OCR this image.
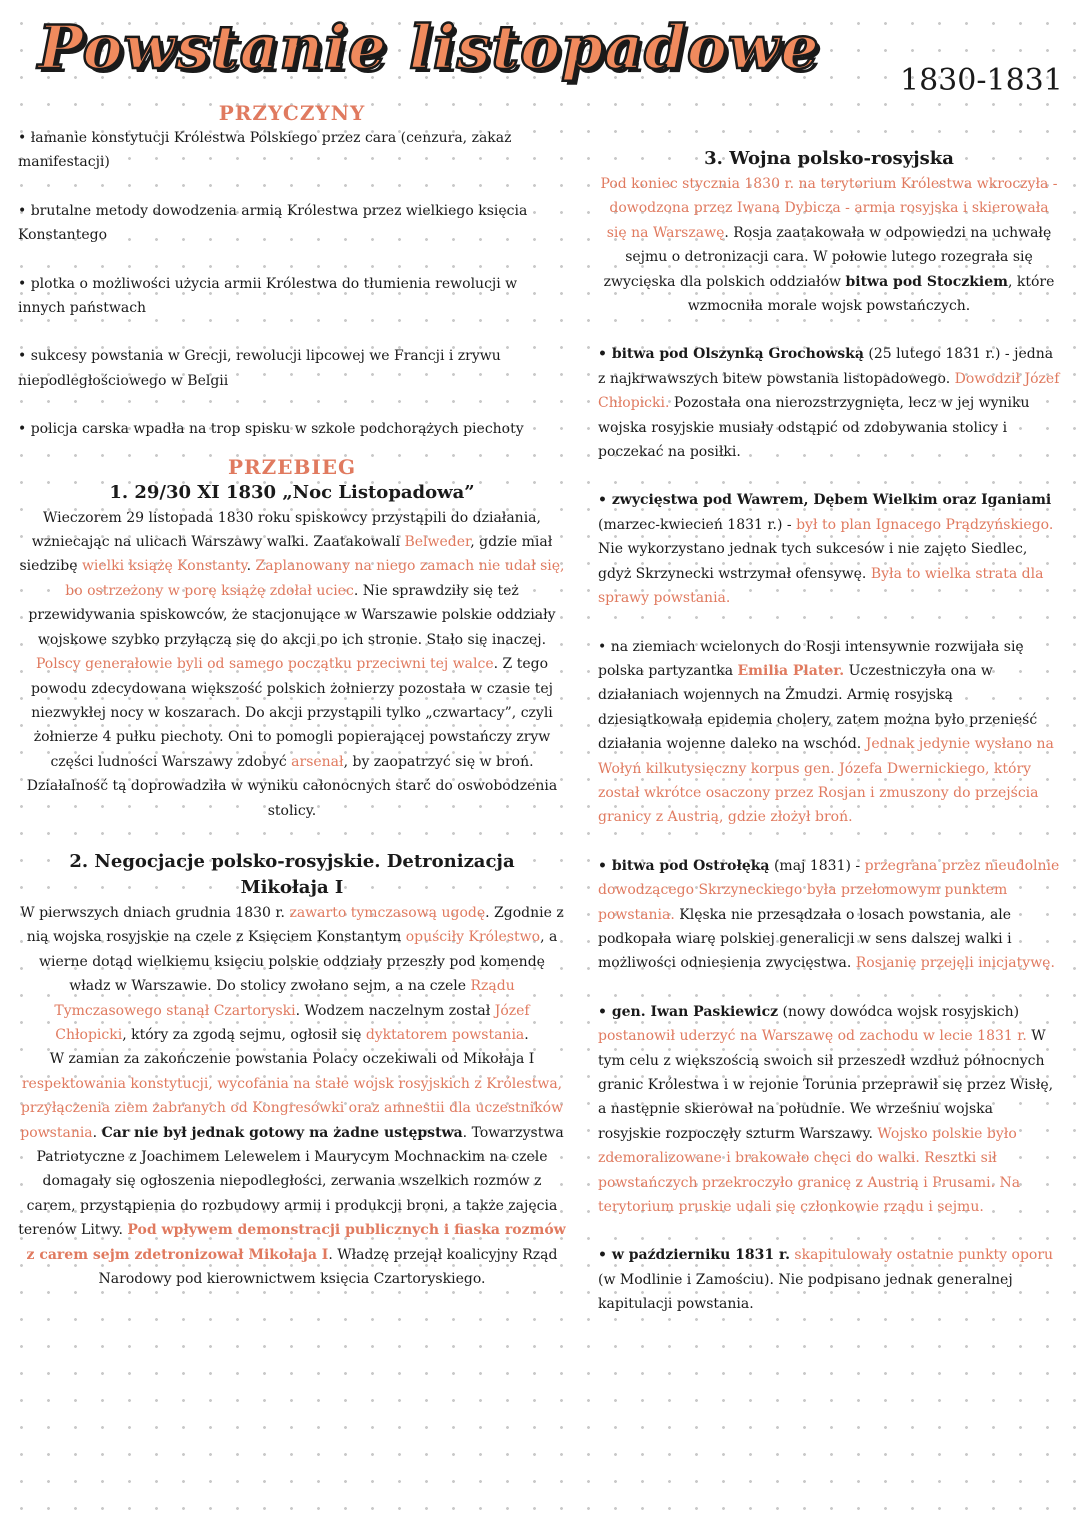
Powstanie listopadowe	1830-1831
PRZYCZYNY

• łamanie konstytucji Królestwa Polskiego przez cara (cenzura, zakaz manifestacji)

• brutalne metody dowodzenia armią Królestwa przez wielkiego księcia Konstantego

• plotka o możliwości użycia armii Królestwa do tłumienia rewolucji w innych państwach

• sukcesy powstania w Grecji, rewolucji lipcowej we Francji i zrywu niepodległościowego w Belgii

• policja carska wpadła na trop spisku w szkole podchorążych piechoty

PRZEBIEG
1. 29/30 XI 1830 „Noc Listopadowa”

Wieczorem 29 listopada 1830 roku spiskowcy przystąpili do działania, wzniecając na ulicach Warszawy walki. Zaatakowali Belweder, gdzie miał siedzibę wielki książę Konstanty. Zaplanowany na niego zamach nie udał się, bo ostrzeżony w porę książę zdołał uciec. Nie sprawdziły się też przewidywania spiskowców, że stacjonujące w Warszawie polskie oddziały wojskowe szybko przyłączą się do akcji po ich stronie. Stało się inaczej. Polscy generałowie byli od samego początku przeciwni tej walce. Z tego powodu zdecydowana większość polskich żołnierzy pozostała w czasie tej niezwykłej nocy w koszarach. Do akcji przystąpili tylko „czwartacy”, czyli żołnierze 4 pułku piechoty. Oni to pomogli popierającej powstańczy zryw części ludności Warszawy zdobyć arsenał, by zaopatrzyć się w broń. Działalność tą doprowadziła w wyniku całonocnych starć do oswobodzenia stolicy.

2. Negocjacje polsko-rosyjskie. Detronizacja Mikołaja I

W pierwszych dniach grudnia 1830 r. zawarto tymczasową ugodę. Zgodnie z nią wojska rosyjskie na czele z Księciem Konstantym opuściły Królestwo, a wierne dotąd wielkiemu księciu polskie oddziały przeszły pod komendę władz w Warszawie. Do stolicy zwołano sejm, a na czele Rządu Tymczasowego stanął Czartoryski. Wodzem naczelnym został Józef Chłopicki, który za zgodą sejmu, ogłosił się dyktatorem powstania.

W zamian za zakończenie powstania Polacy oczekiwali od Mikołaja I respektowania konstytucji, wycofania na stałe wojsk rosyjskich z Królestwa, przyłączenia ziem zabranych od Kongresówki oraz amnestii dla uczestników powstania. Car nie był jednak gotowy na żadne ustępstwa. Towarzystwa Patriotyczne z Joachimem Lelewelem i Maurycym Mochnackim na czele domagały się ogłoszenia niepodległości, zerwania wszelkich rozmów z carem, przystąpienia do rozbudowy armii i produkcji broni, a także zajęcia terenów Litwy. Pod wpływem demonstracji publicznych i fiaska rozmów z carem sejm zdetronizował Mikołaja I. Władzę przejął koalicyjny Rząd Narodowy pod kierownictwem księcia Czartoryskiego.

3. Wojna polsko-rosyjska

Pod koniec stycznia 1830 r. na terytorium Królestwa wkroczyła - dowodzona przez Iwana Dybicza - armia rosyjska i skierowała się na Warszawę. Rosja zaatakowała w odpowiedzi na uchwałę sejmu o detronizacji cara. W połowie lutego rozegrała się zwycięska dla polskich oddziałów bitwa pod Stoczkiem, które wzmocniła morale wojsk powstańczych.

• bitwa pod Olszynką Grochowską (25 lutego 1831 r.) - jedna z najkrwawszych bitew powstania listopadowego. Dowodził Józef Chłopicki. Pozostała ona nierozstrzygnięta, lecz w jej wyniku wojska rosyjskie musiały odstąpić od zdobywania stolicy i poczekać na posiłki.

• zwycięstwa pod Wawrem, Dębem Wielkim oraz Iganiami (marzec-kwiecień 1831 r.) - był to plan Ignacego Prądzyńskiego. Nie wykorzystano jednak tych sukcesów i nie zajęto Siedlec, gdyż Skrzynecki wstrzymał ofensywę. Była to wielka strata dla sprawy powstania.

• na ziemiach wcielonych do Rosji intensywnie rozwijała się polska partyzantka Emilia Plater. Uczestniczyła ona w działaniach wojennych na Żmudzi. Armię rosyjską dziesiątkowała epidemia cholery, zatem można było przenieść działania wojenne daleko na wschód. Jednak jedynie wysłano na Wołyń kilkutysięczny korpus gen. Józefa Dwernickiego, który został wkrótce osaczony przez Rosjan i zmuszony do przejścia granicy z Austrią, gdzie złożył broń.

• bitwa pod Ostrołęką (maj 1831) - przegrana przez nieudolnie dowodzącego Skrzyneckiego była przełomowym punktem powstania. Klęska nie przesądzała o losach powstania, ale podkopała wiarę polskiej generalicji w sens dalszej walki i możliwości odniesienia zwycięstwa. Rosjanie przejęli inicjatywę.

• gen. Iwan Paskiewicz (nowy dowódca wojsk rosyjskich) postanowił uderzyć na Warszawę od zachodu w lecie 1831 r. W tym celu z większością swoich sił przeszedł wzdłuż północnych granic Królestwa i w rejonie Torunia przeprawił się przez Wisłę, a następnie skierował na południe. We wrześniu wojska rosyjskie rozpoczęły szturm Warszawy. Wojsko polskie było zdemoralizowane i brakowało chęci do walki. Resztki sił powstańczych przekroczyło granicę z Austrią i Prusami. Na terytorium pruskie udali się członkowie rządu i sejmu.

• w październiku 1831 r. skapitulowały ostatnie punkty oporu (w Modlinie i Zamościu). Nie podpisano jednak generalnej kapitulacji powstania.
